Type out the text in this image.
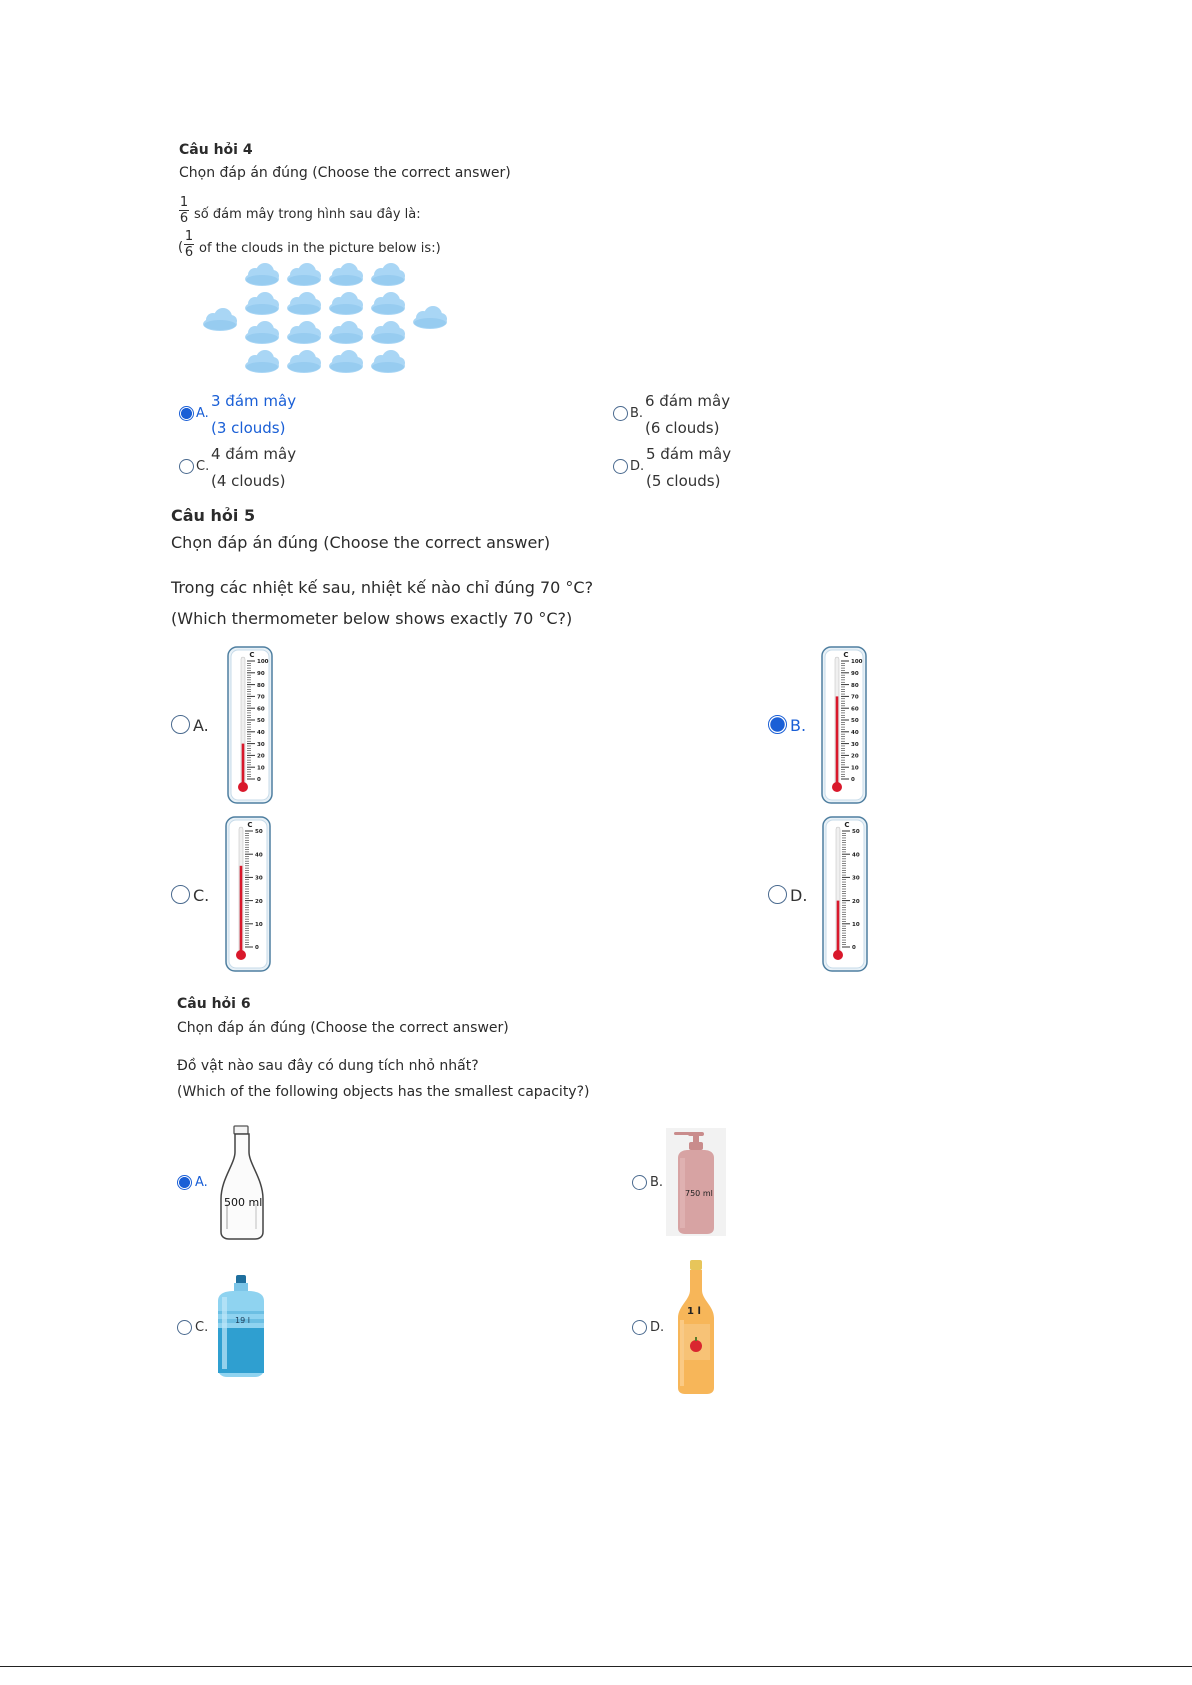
Câu hỏi 4
Chọn đáp án đúng (Choose the correct answer)
1
6 số đám mây trong hình sau đây là:
(
1
6 of the clouds in the picture below is:)
A.
3 đám mây
(3 clouds)
B.
6 đám mây
(6 clouds)
C.
4 đám mây
(4 clouds)
D.
5 đám mây
(5 clouds)
Câu hỏi 5
Chọn đáp án đúng (Choose the correct answer)
Trong các nhiệt kế sau, nhiệt kế nào chỉ đúng 70 °C?
(Which thermometer below shows exactly 70 °C?)
A.
C
0
10
20
30
40
50
60
70
80
90
100
B.
C
0
10
20
30
40
50
60
70
80
90
100
C.
C
0
10
20
30
40
50
D.
C
0
10
20
30
40
50
Câu hỏi 6
Chọn đáp án đúng (Choose the correct answer)
Đồ vật nào sau đây có dung tích nhỏ nhất?
(Which of the following objects has the smallest capacity?)
A.
500 ml
B.
750 ml
C.	19 l	D.
1 l
